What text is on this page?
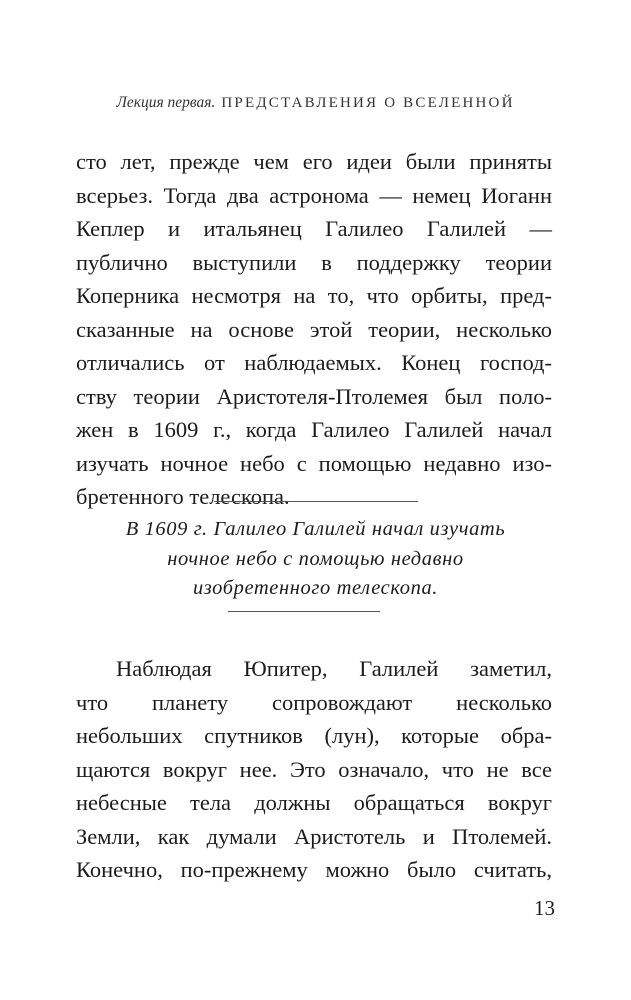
Лекция первая. ПРЕДСТАВЛЕНИЯ О ВСЕЛЕННОЙ
сто лет, прежде чем его идеи были приняты
всерьез. Тогда два астронома — немец Иоганн
Кеплер и итальянец Галилео Галилей —
публично выступили в поддержку теории
Коперника несмотря на то, что орбиты, пред-
сказанные на основе этой теории, несколько
отличались от наблюдаемых. Конец господ-
ству теории Аристотеля-Птолемея был поло-
жен в 1609 г., когда Галилео Галилей начал
изучать ночное небо с помощью недавно изо-
бретенного телескопа.
В 1609 г. Галилео Галилей начал изучать
ночное небо с помощью недавно
изобретенного телескопа.
Наблюдая Юпитер, Галилей заметил,
что планету сопровождают несколько
небольших спутников (лун), которые обра-
щаются вокруг нее. Это означало, что не все
небесные тела должны обращаться вокруг
Земли, как думали Аристотель и Птолемей.
Конечно, по-прежнему можно было считать,
13
